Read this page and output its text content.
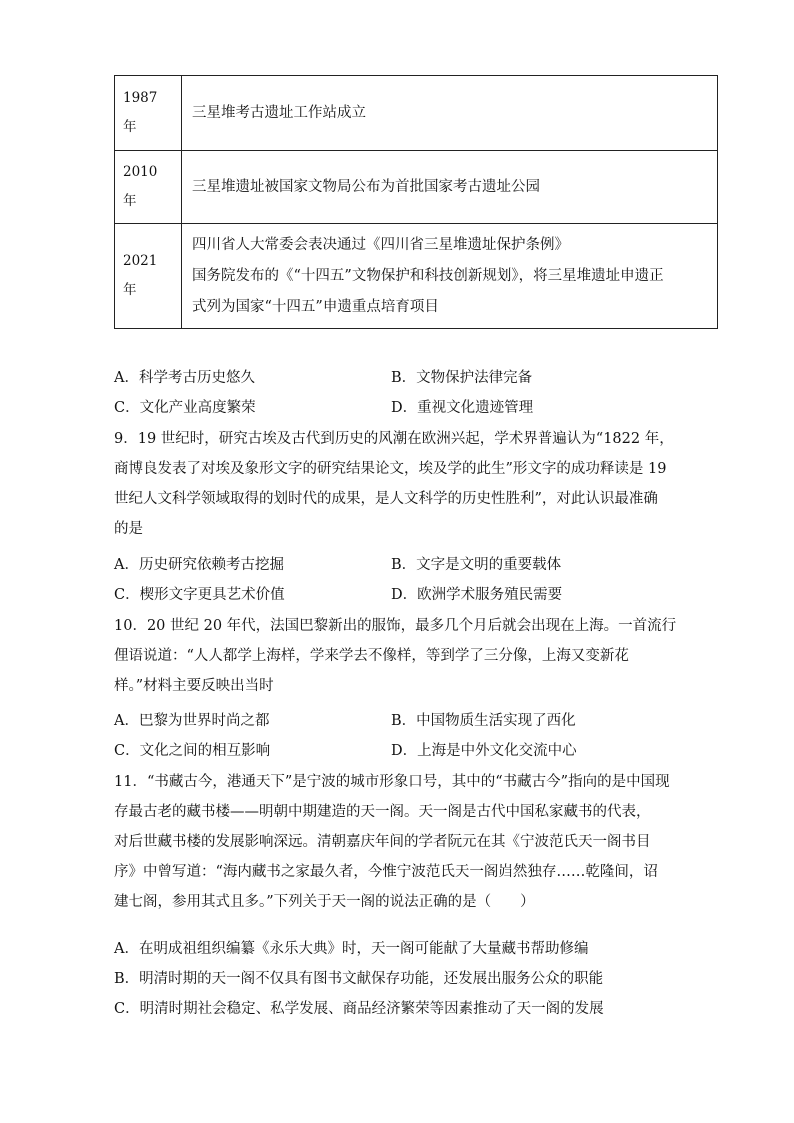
1987
年	三星堆考古遗址工作站成立

2010
年	三星堆遗址被国家文物局公布为首批国家考古遗址公园

2021
年	四川省人大常委会表决通过《四川省三星堆遗址保护条例》
国务院发布的《“十四五”文物保护和科技创新规划》，将三星堆遗址申遗正
式列为国家“十四五”申遗重点培育项目
A．科学考古历史悠久	B．文物保护法律完备
C．文化产业高度繁荣	D．重视文化遗迹管理
9．19 世纪时，研究古埃及古代到历史的风潮在欧洲兴起，学术界普遍认为“1822 年，
商博良发表了对埃及象形文字的研究结果论文，埃及学的此生”形文字的成功释读是 19
世纪人文科学领域取得的划时代的成果，是人文科学的历史性胜利”，对此认识最准确
的是
A．历史研究依赖考古挖掘	B．文字是文明的重要载体
C．楔形文字更具艺术价值	D．欧洲学术服务殖民需要
10．20 世纪 20 年代，法国巴黎新出的服饰，最多几个月后就会出现在上海。一首流行
俚语说道：“人人都学上海样，学来学去不像样，等到学了三分像，上海又变新花
样。”材料主要反映出当时
A．巴黎为世界时尚之都	B．中国物质生活实现了西化
C．文化之间的相互影响	D．上海是中外文化交流中心
11．“书藏古今，港通天下”是宁波的城市形象口号，其中的“书藏古今”指向的是中国现
存最古老的藏书楼——明朝中期建造的天一阁。天一阁是古代中国私家藏书的代表，
对后世藏书楼的发展影响深远。清朝嘉庆年间的学者阮元在其《宁波范氏天一阁书目
序》中曾写道：“海内藏书之家最久者，今惟宁波范氏天一阁岿然独存……乾隆间，诏
建七阁，参用其式且多。”下列关于天一阁的说法正确的是（　　）
A．在明成祖组织编纂《永乐大典》时，天一阁可能献了大量藏书帮助修编
B．明清时期的天一阁不仅具有图书文献保存功能，还发展出服务公众的职能
C．明清时期社会稳定、私学发展、商品经济繁荣等因素推动了天一阁的发展
